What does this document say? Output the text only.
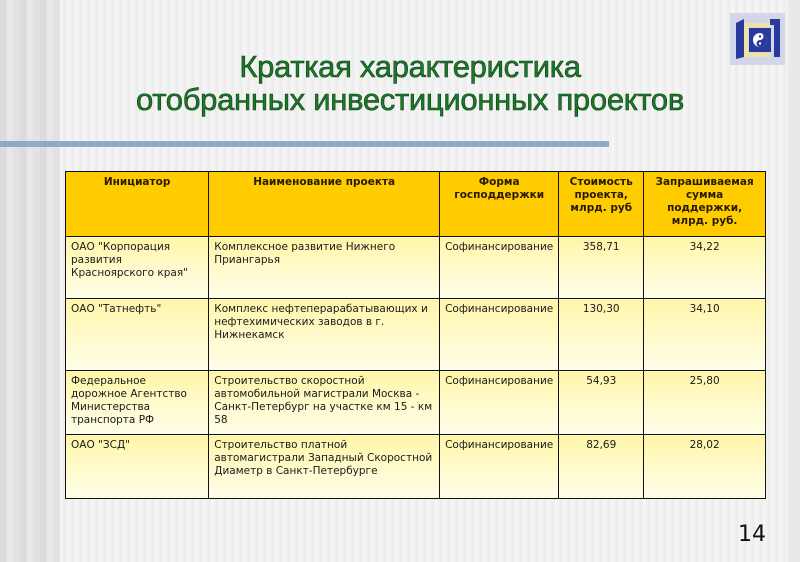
Краткая характеристика
отобранных инвестиционных проектов
Инициатор	Наименование проекта	Форма господдержки	Стоимость проекта, млрд. руб	Запрашиваемая сумма поддержки, млрд. руб.
ОАО "Корпорация развития Красноярского края"	Комплексное развитие Нижнего Приангарья	Софинансирование	358,71	34,22
ОАО "Татнефть"	Комплекс нефтеперарабатывающих и нефтехимических заводов в г. Нижнекамск	Софинансирование	130,30	34,10
Федеральное дорожное Агентство Министерства транспорта РФ	Строительство скоростной автомобильной магистрали Москва - Санкт-Петербург на участке км 15 - км 58	Софинансирование	54,93	25,80
ОАО "ЗСД"	Строительство платной автомагистрали Западный Скоростной Диаметр в Санкт-Петербурге	Софинансирование	82,69	28,02
14
